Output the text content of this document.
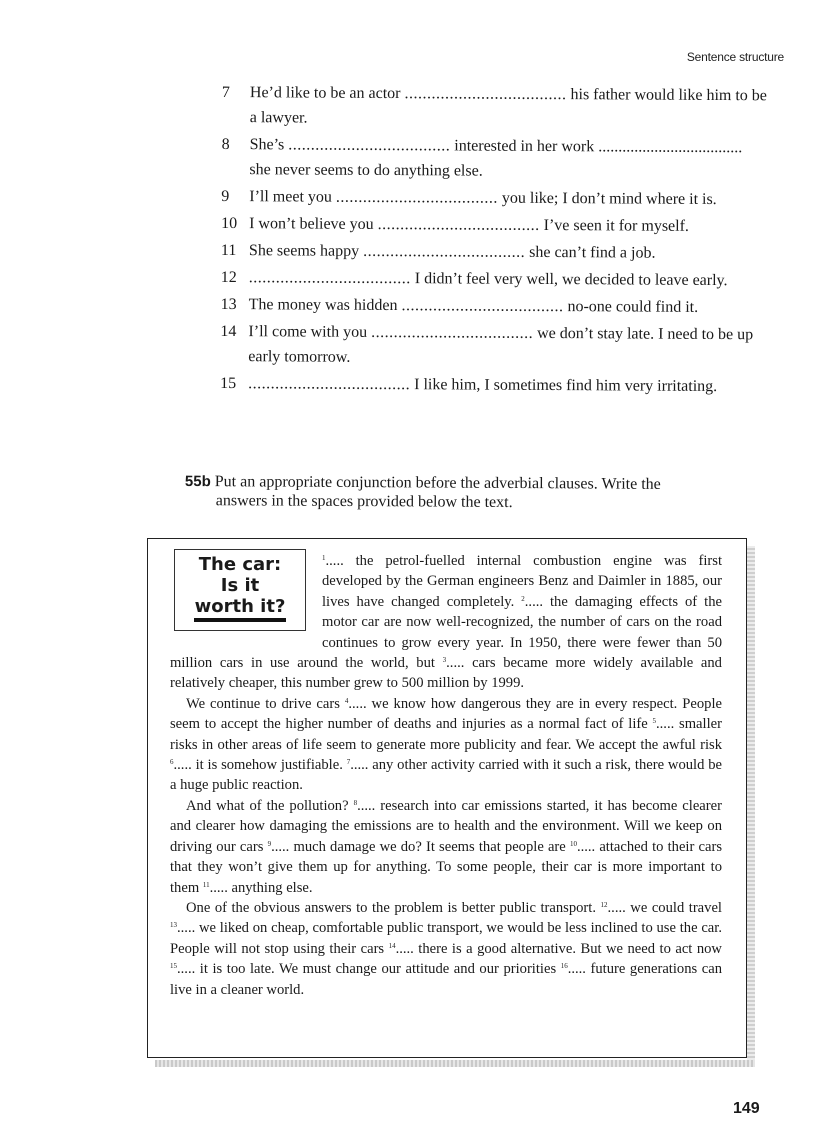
Sentence structure
7	He’d like to be an actor .................................... his father would like him to be a lawyer.
8	She’s .................................... interested in her work .................................... she never seems to do anything else.
9	I’ll meet you .................................... you like; I don’t mind where it is.
10 I won’t believe you .................................... I’ve seen it for myself.
11 She seems happy .................................... she can’t find a job.
12 .................................... I didn’t feel very well, we decided to leave early.
13 The money was hidden .................................... no-one could find it.
14 I’ll come with you .................................... we don’t stay late. I need to be up early tomorrow.
15 .................................... I like him, I sometimes find him very irritating.
55b Put an appropriate conjunction before the adverbial clauses. Write the
answers in the spaces provided below the text.
The car:
Is it
worth it?

$^1$..... the petrol-fuelled internal combustion engine was first developed by the German engineers Benz and Daimler in 1885, our lives have changed completely. $^2$..... the damaging effects of the motor car are now well-recognized, the number of cars on the road continues to grow every year. In 1950, there were fewer than 50 million cars in use around the world, but $^3$..... cars became more widely available and relatively cheaper, this number grew to 500 million by 1999.

We continue to drive cars $^4$..... we know how dangerous they are in every respect. People seem to accept the higher number of deaths and injuries as a normal fact of life $^5$..... smaller risks in other areas of life seem to generate more publicity and fear. We accept the awful risk $^6$..... it is somehow justifiable. $^7$..... any other activity carried with it such a risk, there would be a huge public reaction.

And what of the pollution? $^8$..... research into car emissions started, it has become clearer and clearer how damaging the emissions are to health and the environment. Will we keep on driving our cars $^9$..... much damage we do? It seems that people are $^{10}$..... attached to their cars that they won’t give them up for anything. To some people, their car is more important to them $^{11}$..... anything else.

One of the obvious answers to the problem is better public transport. $^{12}$..... we could travel $^{13}$..... we liked on cheap, comfortable public transport, we would be less inclined to use the car. People will not stop using their cars $^{14}$..... there is a good alternative. But we need to act now $^{15}$..... it is too late. We must change our attitude and our priorities $^{16}$..... future generations can live in a cleaner world.

149
